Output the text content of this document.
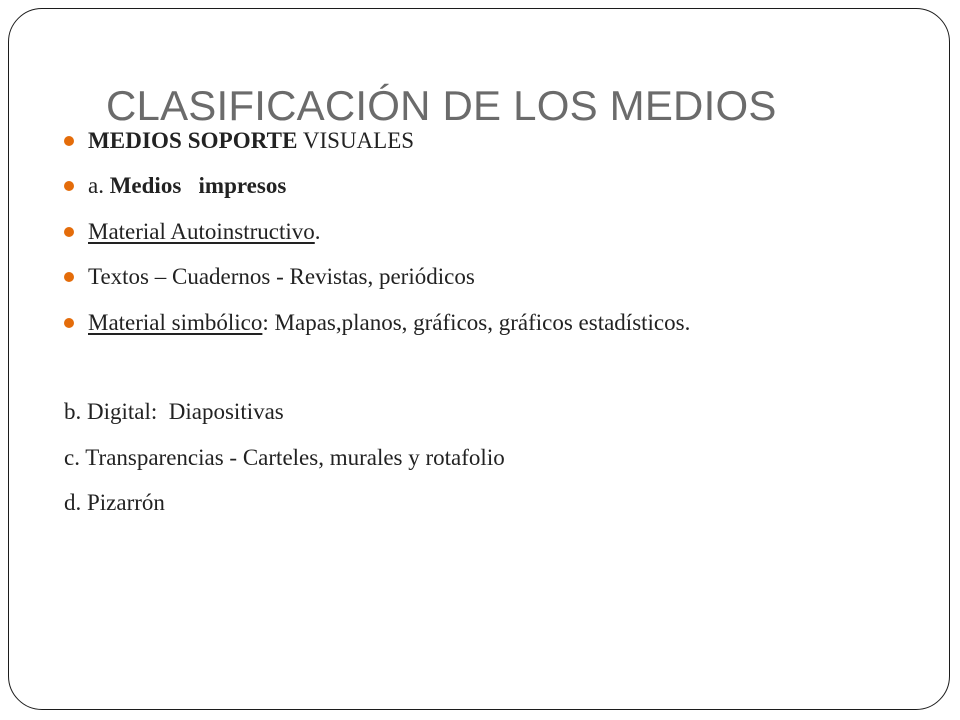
MEDIOS SOPORTE VISUALES
a. Medios impresos
Material Autoinstructivo.
Textos – Cuadernos - Revistas, periódicos
Material simbólico: Mapas,planos, gráficos, gráficos estadísticos.
b. Digital:  Diapositivas
c. Transparencias - Carteles, murales y rotafolio
d. Pizarrón
CLASIFICACIÓN DE LOS MEDIOS
